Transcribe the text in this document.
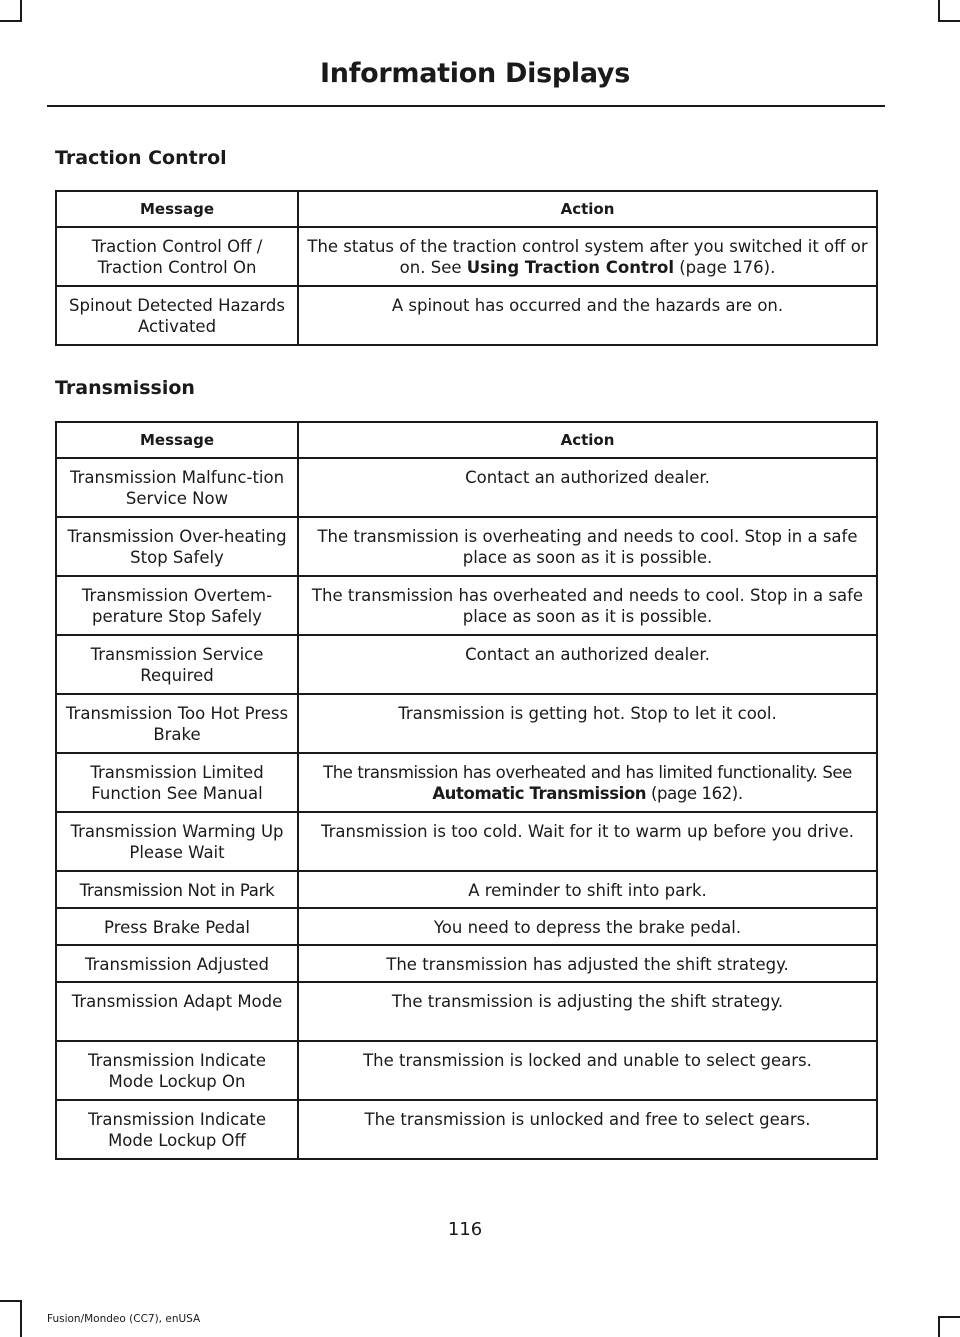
Information Displays
Traction Control
Message	Action
Traction Control Off / Traction Control On	The status of the traction control system after you switched it off or on. See Using Traction Control (page 176).
Spinout Detected Hazards Activated	A spinout has occurred and the hazards are on.
Transmission
Message	Action
Transmission Malfunc-tion Service Now	Contact an authorized dealer.
Transmission Over-heating Stop Safely	The transmission is overheating and needs to cool. Stop in a safe place as soon as it is possible.
Transmission Overtem-perature Stop Safely	The transmission has overheated and needs to cool. Stop in a safe place as soon as it is possible.
Transmission Service Required	Contact an authorized dealer.
Transmission Too Hot Press Brake	Transmission is getting hot. Stop to let it cool.
Transmission Limited Function See Manual	The transmission has overheated and has limited functionality. See Automatic Transmission (page 162).
Transmission Warming Up Please Wait	Transmission is too cold. Wait for it to warm up before you drive.
Transmission Not in Park	A reminder to shift into park.
Press Brake Pedal	You need to depress the brake pedal.
Transmission Adjusted	The transmission has adjusted the shift strategy.
Transmission Adapt Mode	The transmission is adjusting the shift strategy.
Transmission Indicate Mode Lockup On	The transmission is locked and unable to select gears.
Transmission Indicate Mode Lockup Off	The transmission is unlocked and free to select gears.
116
Fusion/Mondeo (CC7), enUSA
